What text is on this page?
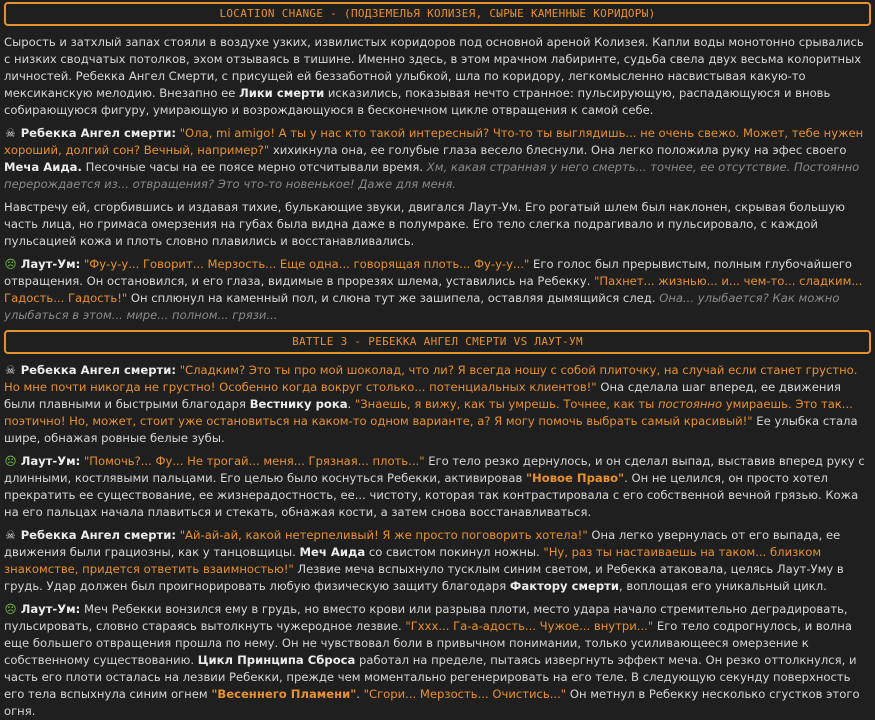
LOCATION CHANGE - (ПОДЗЕМЕЛЬЯ КОЛИЗЕЯ, СЫРЫЕ КАМЕННЫЕ КОРИДОРЫ)

Сырость и затхлый запах стояли в воздухе узких, извилистых коридоров под основной ареной Колизея. Капли воды монотонно срывались с низких сводчатых потолков, эхом отзываясь в тишине. Именно здесь, в этом мрачном лабиринте, судьба свела двух весьма колоритных личностей. Ребекка Ангел Смерти, с присущей ей беззаботной улыбкой, шла по коридору, легкомысленно насвистывая какую-то мексиканскую мелодию. Внезапно ее Лики смерти исказились, показывая нечто странное: пульсирующую, распадающуюся и вновь собирающуюся фигуру, умирающую и возрождающуюся в бесконечном цикле отвращения к самой себе.

☠ Ребекка Ангел смерти: "Ола, mi amigo! А ты у нас кто такой интересный? Что-то ты выглядишь... не очень свежо. Может, тебе нужен хороший, долгий сон? Вечный, например?" хихикнула она, ее голубые глаза весело блеснули. Она легко положила руку на эфес своего Меча Аида. Песочные часы на ее поясе мерно отсчитывали время. Хм, какая странная у него смерть... точнее, ее отсутствие. Постоянно перерождается из... отвращения? Это что-то новенькое! Даже для меня.

Навстречу ей, сгорбившись и издавая тихие, булькающие звуки, двигался Лаут-Ум. Его рогатый шлем был наклонен, скрывая большую часть лица, но гримаса омерзения на губах была видна даже в полумраке. Его тело слегка подрагивало и пульсировало, с каждой пульсацией кожа и плоть словно плавились и восстанавливались.

☹ Лаут-Ум: "Фу-у-у... Говорит... Мерзость... Еще одна... говорящая плоть... Фу-у-у..." Его голос был прерывистым, полным глубочайшего отвращения. Он остановился, и его глаза, видимые в прорезях шлема, уставились на Ребекку. "Пахнет... жизнью... и... чем-то... сладким... Гадость... Гадость!" Он сплюнул на каменный пол, и слюна тут же зашипела, оставляя дымящийся след. Она... улыбается? Как можно улыбаться в этом... мире... полном... грязи...

BATTLE 3 - РЕБЕККА АНГЕЛ СМЕРТИ VS ЛАУТ-УМ

☠ Ребекка Ангел смерти: "Сладким? Это ты про мой шоколад, что ли? Я всегда ношу с собой плиточку, на случай если станет грустно. Но мне почти никогда не грустно! Особенно когда вокруг столько... потенциальных клиентов!" Она сделала шаг вперед, ее движения были плавными и быстрыми благодаря Вестнику рока. "Знаешь, я вижу, как ты умрешь. Точнее, как ты постоянно умираешь. Это так... поэтично! Но, может, стоит уже остановиться на каком-то одном варианте, а? Я могу помочь выбрать самый красивый!" Ее улыбка стала шире, обнажая ровные белые зубы.

☹ Лаут-Ум: "Помочь?... Фу... Не трогай... меня... Грязная... плоть..." Его тело резко дернулось, и он сделал выпад, выставив вперед руку с длинными, костлявыми пальцами. Его целью было коснуться Ребекки, активировав "Новое Право". Он не целился, он просто хотел прекратить ее существование, ее жизнерадостность, ее... чистоту, которая так контрастировала с его собственной вечной грязью. Кожа на его пальцах начала плавиться и стекать, обнажая кости, а затем снова восстанавливаться.

☠ Ребекка Ангел смерти: "Ай-ай-ай, какой нетерпеливый! Я же просто поговорить хотела!" Она легко увернулась от его выпада, ее движения были грациозны, как у танцовщицы. Меч Аида со свистом покинул ножны. "Ну, раз ты настаиваешь на таком... близком знакомстве, придется ответить взаимностью!" Лезвие меча вспыхнуло тусклым синим светом, и Ребекка атаковала, целясь Лаут-Уму в грудь. Удар должен был проигнорировать любую физическую защиту благодаря Фактору смерти, воплощая его уникальный цикл.

☹ Лаут-Ум: Меч Ребекки вонзился ему в грудь, но вместо крови или разрыва плоти, место удара начало стремительно деградировать, пульсировать, словно стараясь вытолкнуть чужеродное лезвие. "Гххх... Га-а-адость... Чужое... внутри..." Его тело содрогнулось, и волна еще большего отвращения прошла по нему. Он не чувствовал боли в привычном понимании, только усиливающееся омерзение к собственному существованию. Цикл Принципа Сброса работал на пределе, пытаясь извергнуть эффект меча. Он резко оттолкнулся, и часть его плоти осталась на лезвии Ребекки, прежде чем моментально регенерировать на его теле. В следующую секунду поверхность его тела вспыхнула синим огнем "Весеннего Пламени". "Сгори... Мерзость... Очистись..." Он метнул в Ребекку несколько сгустков этого огня.
